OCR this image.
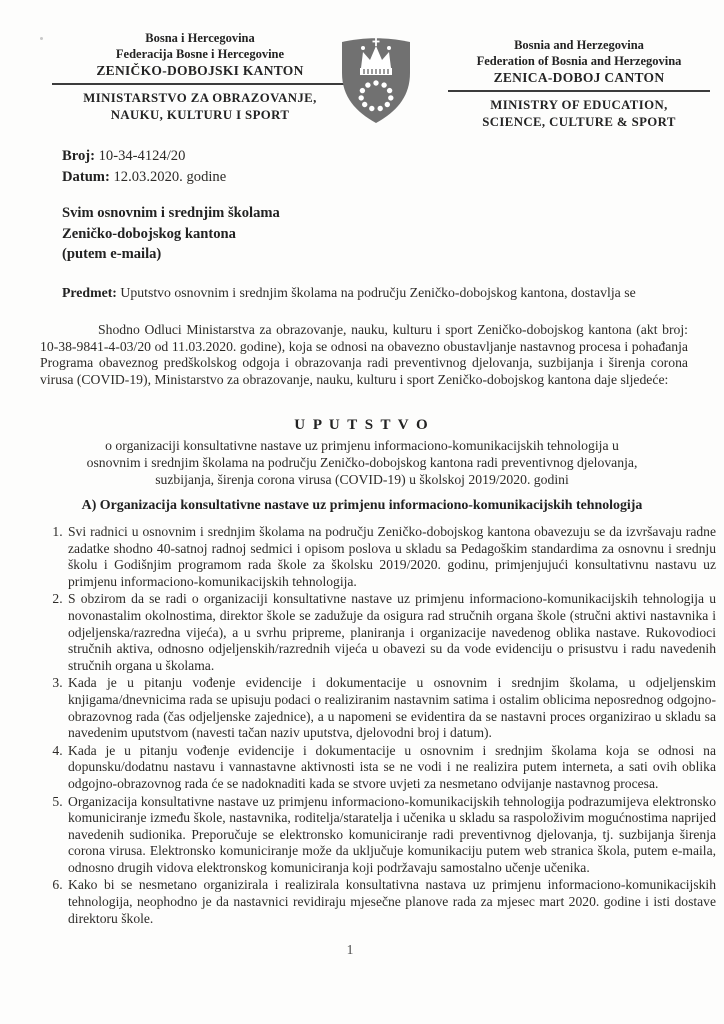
Bosna i Hercegovina
Federacija Bosne i Hercegovine
ZENIČKO-DOBOJSKI KANTON
MINISTARSTVO ZA OBRAZOVANJE,
NAUKU, KULTURU I SPORT
Bosnia and Herzegovina
Federation of Bosnia and Herzegovina
ZENICA-DOBOJ CANTON
MINISTRY OF EDUCATION,
SCIENCE, CULTURE & SPORT
Broj: 10-34-4124/20
Datum: 12.03.2020. godine
Svim osnovnim i srednjim školama
Zeničko-dobojskog kantona
(putem e-maila)
Predmet: Uputstvo osnovnim i srednjim školama na području Zeničko-dobojskog kantona, dostavlja se
Shodno Odluci Ministarstva za obrazovanje, nauku, kulturu i sport Zeničko-dobojskog kantona (akt broj: 10-38-9841-4-03/20 od 11.03.2020. godine), koja se odnosi na obavezno obustavljanje nastavnog procesa i pohađanja Programa obaveznog predškolskog odgoja i obrazovanja radi preventivnog djelovanja, suzbijanja i širenja corona virusa (COVID-19), Ministarstvo za obrazovanje, nauku, kulturu i sport Zeničko-dobojskog kantona daje sljedeće:
U P U T S T V O
o organizaciji konsultativne nastave uz primjenu informaciono-komunikacijskih tehnologija u
osnovnim i srednjim školama na području Zeničko-dobojskog kantona radi preventivnog djelovanja,
suzbijanja, širenja corona virusa (COVID-19) u školskoj 2019/2020. godini
A) Organizacija konsultativne nastave uz primjenu informaciono-komunikacijskih tehnologija
1. Svi radnici u osnovnim i srednjim školama na području Zeničko-dobojskog kantona obavezuju se da izvršavaju radne zadatke shodno 40-satnoj radnoj sedmici i opisom poslova u skladu sa Pedagoškim standardima za osnovnu i srednju školu i Godišnjim programom rada škole za školsku 2019/2020. godinu, primjenjujući konsultativnu nastavu uz primjenu informaciono-komunikacijskih tehnologija.
2. S obzirom da se radi o organizaciji konsultativne nastave uz primjenu informaciono-komunikacijskih tehnologija u novonastalim okolnostima, direktor škole se zadužuje da osigura rad stručnih organa škole (stručni aktivi nastavnika i odjeljenska/razredna vijeća), a u svrhu pripreme, planiranja i organizacije navedenog oblika nastave. Rukovodioci stručnih aktiva, odnosno odjeljenskih/razrednih vijeća u obavezi su da vode evidenciju o prisustvu i radu navedenih stručnih organa u školama.
3. Kada je u pitanju vođenje evidencije i dokumentacije u osnovnim i srednjim školama, u odjeljenskim knjigama/dnevnicima rada se upisuju podaci o realiziranim nastavnim satima i ostalim oblicima neposrednog odgojno-obrazovnog rada (čas odjeljenske zajednice), a u napomeni se evidentira da se nastavni proces organizirao u skladu sa navedenim uputstvom (navesti tačan naziv uputstva, djelovodni broj i datum).
4. Kada je u pitanju vođenje evidencije i dokumentacije u osnovnim i srednjim školama koja se odnosi na dopunsku/dodatnu nastavu i vannastavne aktivnosti ista se ne vodi i ne realizira putem interneta, a sati ovih oblika odgojno-obrazovnog rada će se nadoknaditi kada se stvore uvjeti za nesmetano odvijanje nastavnog procesa.
5. Organizacija konsultativne nastave uz primjenu informaciono-komunikacijskih tehnologija podrazumijeva elektronsko komuniciranje između škole, nastavnika, roditelja/staratelja i učenika u skladu sa raspoloživim mogućnostima naprijed navedenih sudionika. Preporučuje se elektronsko komuniciranje radi preventivnog djelovanja, tj. suzbijanja širenja corona virusa. Elektronsko komuniciranje može da uključuje komunikaciju putem web stranica škola, putem e-maila, odnosno drugih vidova elektronskog komuniciranja koji podržavaju samostalno učenje učenika.
6. Kako bi se nesmetano organizirala i realizirala konsultativna nastava uz primjenu informaciono-komunikacijskih tehnologija, neophodno je da nastavnici revidiraju mjesečne planove rada za mjesec mart 2020. godine i isti dostave direktoru škole.
1
